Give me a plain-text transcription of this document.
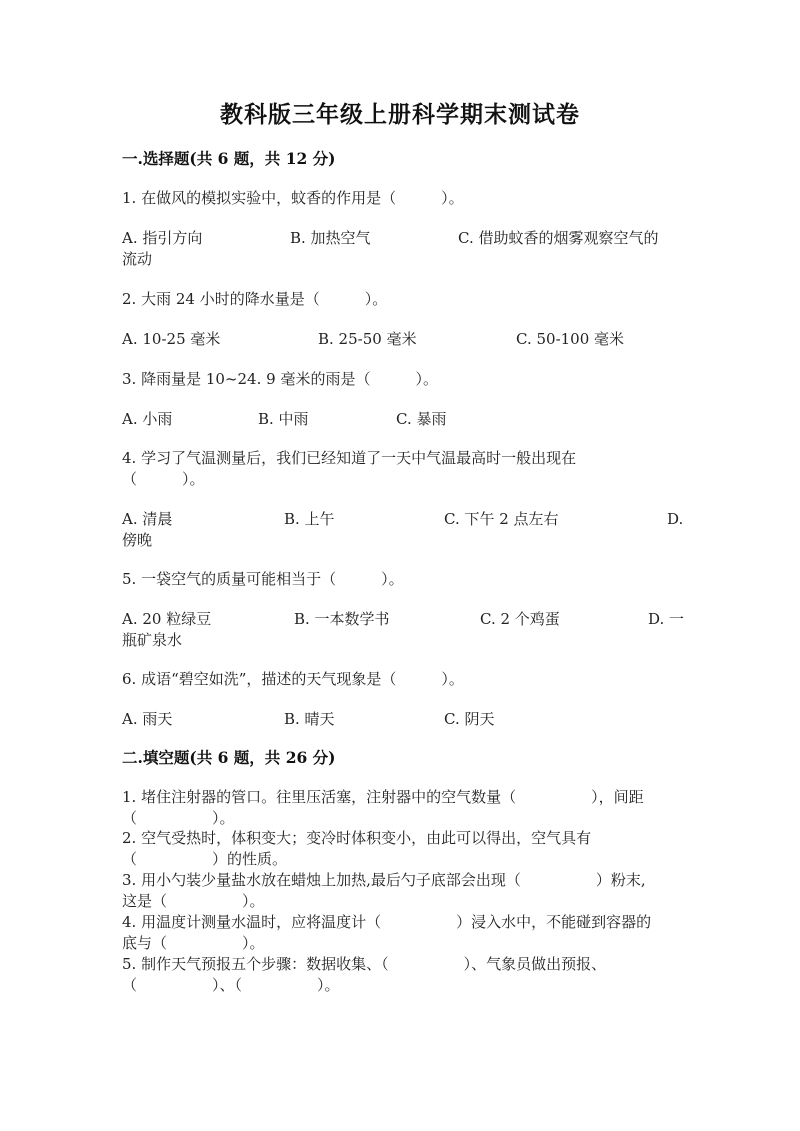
教科版三年级上册科学期末测试卷
一.选择题(共 6 题，共 12 分)
1. 在做风的模拟实验中，蚊香的作用是（　　　）。
A. 指引方向	B. 加热空气	C. 借助蚊香的烟雾观察空气的
流动
2. 大雨 24 小时的降水量是（　　　）。
A. 10-25 毫米	B. 25-50 毫米	C. 50-100 毫米
3. 降雨量是 10~24. 9 毫米的雨是（　　　）。
A. 小雨	B. 中雨	C. 暴雨
4. 学习了气温测量后，我们已经知道了一天中气温最高时一般出现在
（　　　）。
A. 清晨	B. 上午	C. 下午 2 点左右	D.
傍晚
5. 一袋空气的质量可能相当于（　　　）。
A. 20 粒绿豆	B. 一本数学书	C. 2 个鸡蛋	D. 一
瓶矿泉水
6. 成语“碧空如洗”，描述的天气现象是（　　　）。
A. 雨天	B. 晴天	C. 阴天
二.填空题(共 6 题，共 26 分)
1. 堵住注射器的管口。往里压活塞，注射器中的空气数量（　　　　　），间距
（　　　　　）。
2. 空气受热时，体积变大；变冷时体积变小，由此可以得出，空气具有
（　　　　　）的性质。
3. 用小勺装少量盐水放在蜡烛上加热,最后勺子底部会出现（　　　　　）粉末,
这是（　　　　　）。
4. 用温度计测量水温时，应将温度计（　　　　　）浸入水中，不能碰到容器的
底与（　　　　　）。
5. 制作天气预报五个步骤：数据收集、（　　　　　）、气象员做出预报、
（　　　　　）、（　　　　　）。
